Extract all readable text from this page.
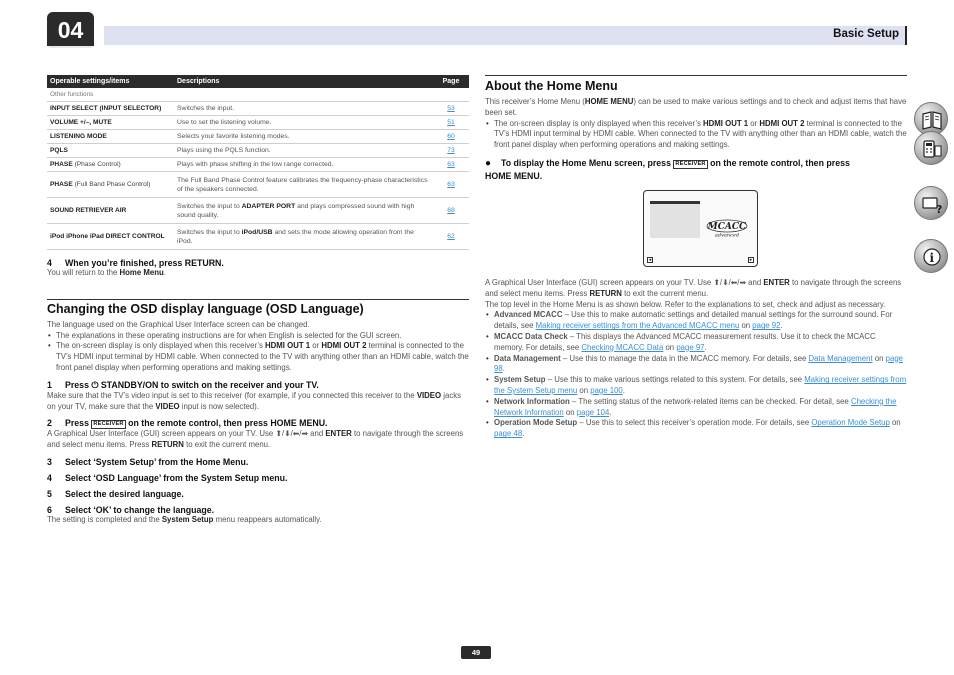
04	Basic Setup
?
i
Operable settings/items	Descriptions	Page
Other functions		
INPUT SELECT (INPUT SELECTOR)	Switches the input.	53
VOLUME +/–, MUTE	Use to set the listening volume.	51
LISTENING MODE	Selects your favorite listening modes.	60
PQLS	Plays using the PQLS function.	73
PHASE (Phase Control)	Plays with phase shifting in the low range corrected.	63
PHASE (Full Band Phase Control)	The Full Band Phase Control feature calibrates the frequency-phase characteristics of the speakers connected.	63
SOUND RETRIEVER AIR	Switches the input to ADAPTER PORT and plays compressed sound with high sound quality.	68
iPod iPhone iPad DIRECT CONTROL	Switches the input to iPod/USB and sets the mode allowing operation from the iPod.	62
4 When you’re finished, press RETURN.
You will return to the Home Menu.
Changing the OSD display language (OSD Language)
The language used on the Graphical User Interface screen can be changed.
• The explanations in these operating instructions are for when English is selected for the GUI screen.
• The on-screen display is only displayed when this receiver’s HDMI OUT 1 or HDMI OUT 2 terminal is connected to the TV’s HDMI input terminal by HDMI cable. When connected to the TV with anything other than an HDMI cable, watch the front panel display when performing operations and making settings.
1 Press ⏻ STANDBY/ON to switch on the receiver and your TV.
Make sure that the TV’s video input is set to this receiver (for example, if you connected this receiver to the VIDEO jacks on your TV, make sure that the VIDEO input is now selected).
2 Press RECEIVER on the remote control, then press HOME MENU.
A Graphical User Interface (GUI) screen appears on your TV. Use ⬆/⬇/⬅/➡ and ENTER to navigate through the screens and select menu items. Press RETURN to exit the current menu.
3 Select ‘System Setup’ from the Home Menu.
4 Select ‘OSD Language’ from the System Setup menu.
5 Select the desired language.
6 Select ‘OK’ to change the language.
The setting is completed and the System Setup menu reappears automatically.
About the Home Menu
This receiver’s Home Menu (HOME MENU) can be used to make various settings and to check and adjust items that have been set.
• The on-screen display is only displayed when this receiver’s HDMI OUT 1 or HDMI OUT 2 terminal is connected to the TV’s HDMI input terminal by HDMI cable. When connected to the TV with anything other than an HDMI cable, watch the front panel display when performing operations and making settings.
● To display the Home Menu screen, press RECEIVER on the remote control, then press
HOME MENU.
MCACC
advanced
◂	▸
A Graphical User Interface (GUI) screen appears on your TV. Use ⬆/⬇/⬅/➡ and ENTER to navigate through the screens and select menu items. Press RETURN to exit the current menu.
The top level in the Home Menu is as shown below. Refer to the explanations to set, check and adjust as necessary.
• Advanced MCACC – Use this to make automatic settings and detailed manual settings for the surround sound. For details, see Making receiver settings from the Advanced MCACC menu on page 92.
• MCACC Data Check – This displays the Advanced MCACC measurement results. Use it to check the MCACC memory. For details, see Checking MCACC Data on page 97.
• Data Management – Use this to manage the data in the MCACC memory. For details, see Data Management on page 98.
• System Setup – Use this to make various settings related to this system. For details, see Making receiver settings from the System Setup menu on page 100.
• Network Information – The setting status of the network-related items can be checked. For detail, see Checking the Network Information on page 104.
• Operation Mode Setup – Use this to select this receiver’s operation mode. For details, see Operation Mode Setup on page 48.
49
